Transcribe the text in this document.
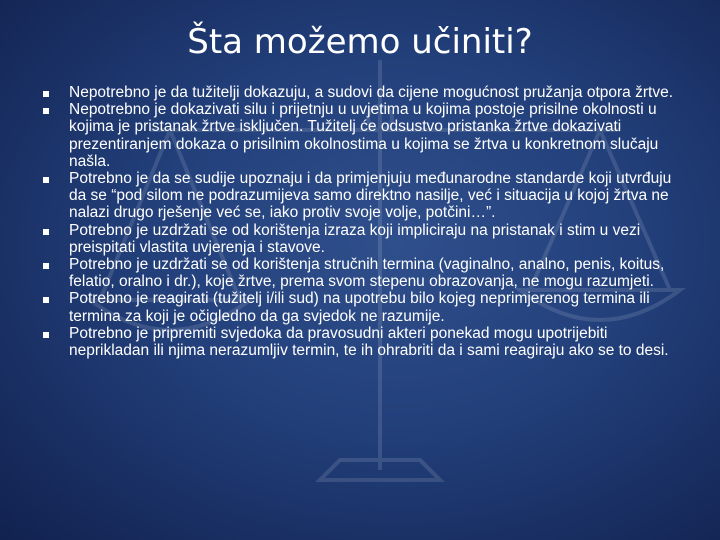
Šta možemo učiniti?
Nepotrebno je da tužitelji dokazuju, a sudovi da cijene mogućnost pružanja otpora žrtve.
Nepotrebno je dokazivati silu i prijetnju u uvjetima u kojima postoje prisilne okolnosti u kojima je pristanak žrtve isključen. Tužitelj će odsustvo pristanka žrtve dokazivati prezentiranjem dokaza o prisilnim okolnostima u kojima se žrtva u konkretnom slučaju našla.
Potrebno je da se sudije upoznaju i da primjenjuju međunarodne standarde koji utvrđuju da se “pod silom ne podrazumijeva samo direktno nasilje, već i situacija u kojoj žrtva ne nalazi drugo rješenje već se, iako protiv svoje volje, potčini…”.
Potrebno je uzdržati se od korištenja izraza koji impliciraju na pristanak i stim u vezi preispitati vlastita uvjerenja i stavove.
Potrebno je uzdržati se od korištenja stručnih termina (vaginalno, analno, penis, koitus, felatio, oralno i dr.), koje žrtve, prema svom stepenu obrazovanja, ne mogu razumjeti.
Potrebno je reagirati (tužitelj i/ili sud) na upotrebu bilo kojeg neprimjerenog termina ili termina za koji je očigledno da ga svjedok ne razumije.
Potrebno je pripremiti svjedoka da pravosudni akteri ponekad mogu upotrijebiti neprikladan ili njima nerazumljiv termin, te ih ohrabriti da i sami reagiraju ako se to desi.
